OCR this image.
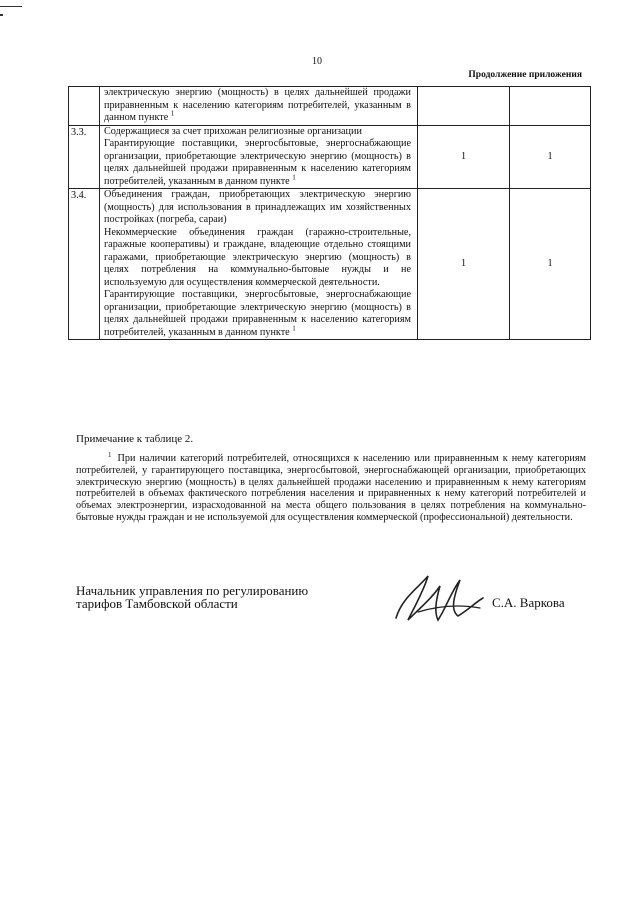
10
Продолжение приложения

	электрическую энергию (мощность) в целях дальнейшей продажи приравненным к населению категориям потребителей, указанным в данном пункте $^1$

3.3.	Содержащиеся за счет прихожан религиозные организации
Гарантирующие поставщики, энергосбытовые, энергоснабжающие организации, приобретающие электрическую энергию (мощность) в целях дальнейшей продажи приравненным к населению категориям потребителей, указанным в данном пункте $^1$	1	1
3.4.	Объединения граждан, приобретающих электрическую энергию (мощность) для использования в принадлежащих им хозяйственных постройках (погреба, сараи)
Некоммерческие объединения граждан (гаражно-строительные, гаражные кооперативы) и граждане, владеющие отдельно стоящими гаражами, приобретающие электрическую энергию (мощность) в целях потребления на коммунально-бытовые нужды и не используемую для осуществления коммерческой деятельности.
Гарантирующие поставщики, энергосбытовые, энергоснабжающие организации, приобретающие электрическую энергию (мощность) в целях дальнейшей продажи приравненным к населению категориям потребителей, указанным в данном пункте $^1$	1	1
Примечание к таблице 2.
$^1$ При наличии категорий потребителей, относящихся к населению или приравненным к нему категориям потребителей, у гарантирующего поставщика, энергосбытовой, энергоснабжающей организации, приобретающих электрическую энергию (мощность) в целях дальнейшей продажи населению и приравненным к нему категориям потребителей в объемах фактического потребления населения и приравненных к нему категорий потребителей и объемах электроэнергии, израсходованной на места общего пользования в целях потребления на коммунально-бытовые нужды граждан и не используемой для осуществления коммерческой (профессиональной) деятельности.
Начальник управления по регулированию
тарифов Тамбовской области	С.А. Варкова
